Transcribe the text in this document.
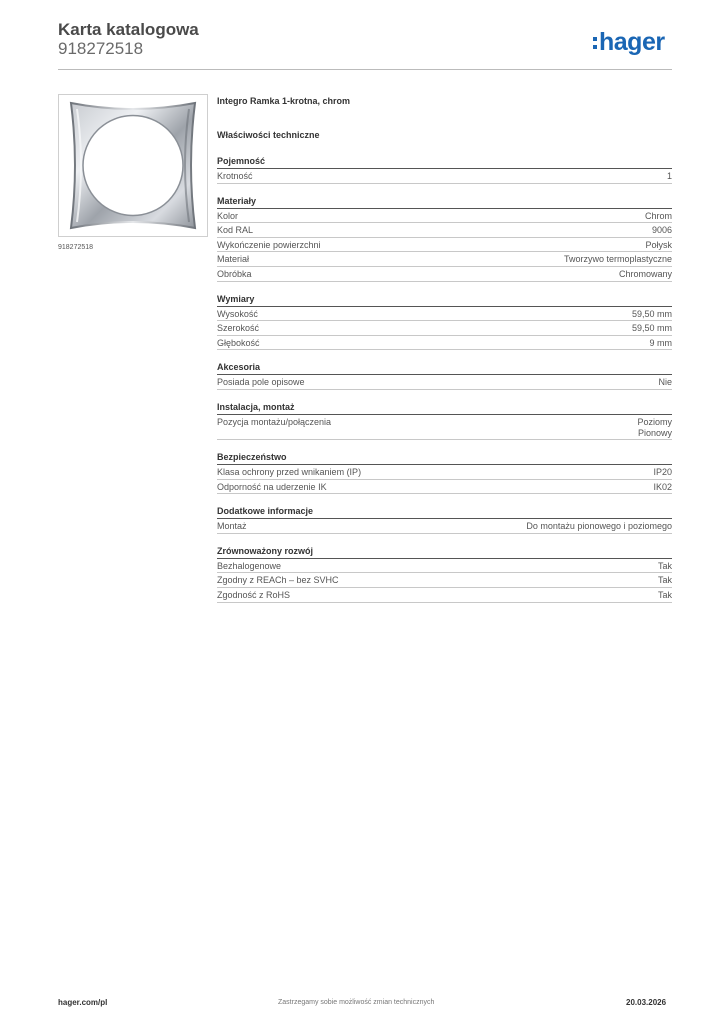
Karta katalogowa
918272518	hager
918272518
Integro Ramka 1-krotna, chrom
Właściwości techniczne
Pojemność
Krotność	1
Materiały
Kolor	Chrom
Kod RAL	9006
Wykończenie powierzchni	Połysk
Materiał	Tworzywo termoplastyczne
Obróbka	Chromowany
Wymiary
Wysokość	59,50 mm
Szerokość	59,50 mm
Głębokość	9 mm
Akcesoria
Posiada pole opisowe	Nie
Instalacja, montaż
Pozycja montażu/połączenia	Poziomy
Pionowy
Bezpieczeństwo
Klasa ochrony przed wnikaniem (IP)	IP20
Odporność na uderzenie IK	IK02
Dodatkowe informacje
Montaż	Do montażu pionowego i poziomego
Zrównoważony rozwój
Bezhalogenowe	Tak
Zgodny z REACh – bez SVHC	Tak
Zgodność z RoHS	Tak
hager.com/pl	Zastrzegamy sobie możliwość zmian technicznych	20.03.2026
